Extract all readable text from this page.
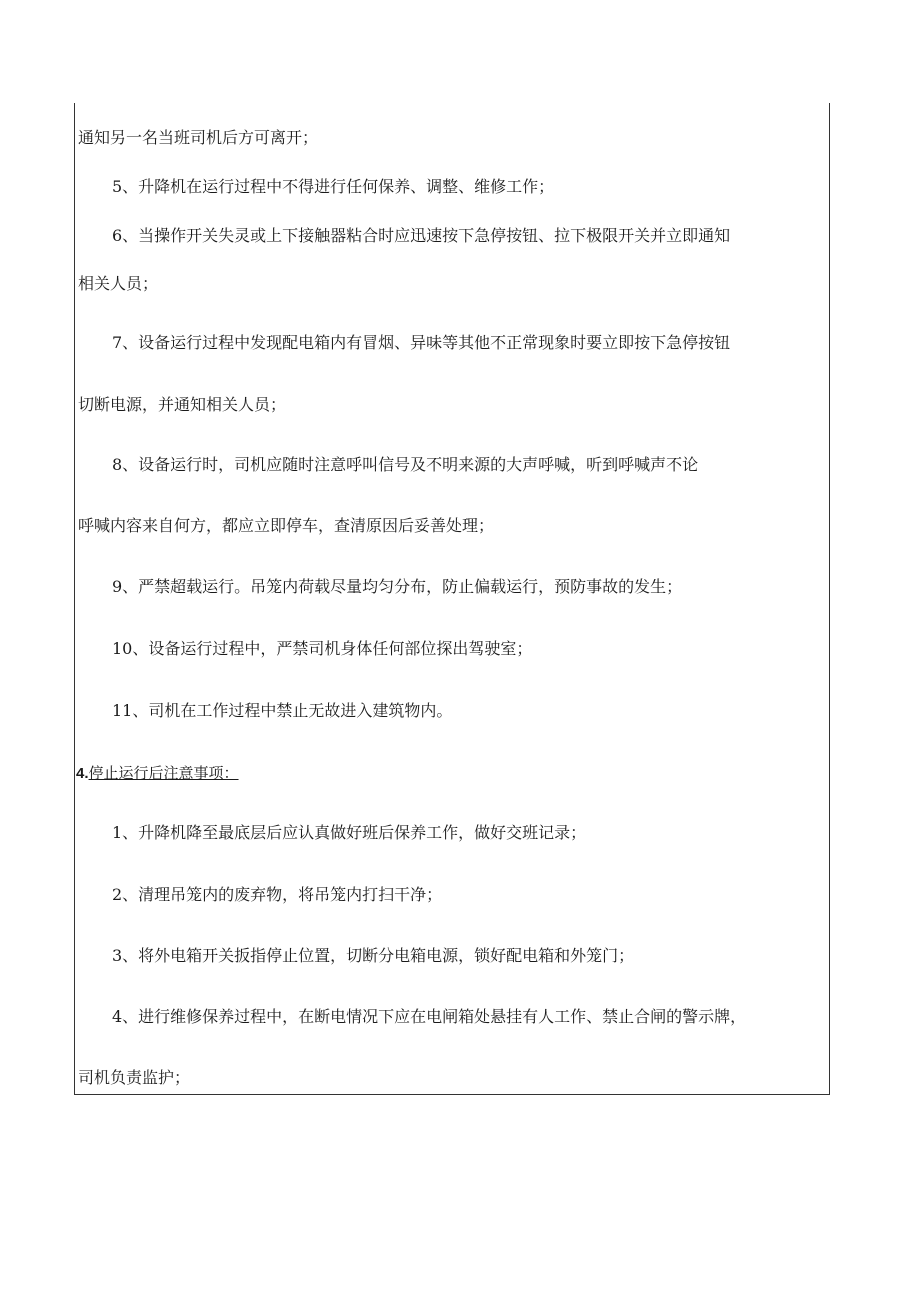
通知另一名当班司机后方可离开；
5、升降机在运行过程中不得进行任何保养、调整、维修工作；
6、当操作开关失灵或上下接触器粘合时应迅速按下急停按钮、拉下极限开关并立即通知
相关人员；
7、设备运行过程中发现配电箱内有冒烟、异味等其他不正常现象时要立即按下急停按钮
切断电源，并通知相关人员；
8、设备运行时，司机应随时注意呼叫信号及不明来源的大声呼喊，听到呼喊声不论
呼喊内容来自何方，都应立即停车，查清原因后妥善处理；
9、严禁超载运行。吊笼内荷载尽量均匀分布，防止偏载运行，预防事故的发生；
10、设备运行过程中，严禁司机身体任何部位探出驾驶室；
11、司机在工作过程中禁止无故进入建筑物内。
4.停止运行后注意事项：
1、升降机降至最底层后应认真做好班后保养工作，做好交班记录；
2、清理吊笼内的废弃物，将吊笼内打扫干净；
3、将外电箱开关扳指停止位置，切断分电箱电源，锁好配电箱和外笼门；
4、进行维修保养过程中，在断电情况下应在电闸箱处悬挂有人工作、禁止合闸的警示牌，
司机负责监护；
